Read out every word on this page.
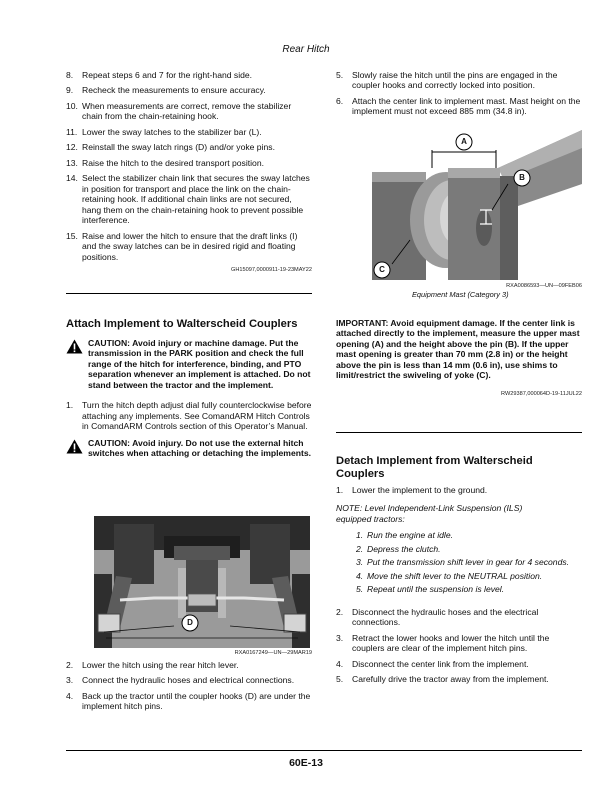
Rear Hitch
8. Repeat steps 6 and 7 for the right-hand side.
9. Recheck the measurements to ensure accuracy.
10. When measurements are correct, remove the stabilizer chain from the chain-retaining hook.
11. Lower the sway latches to the stabilizer bar (L).
12. Reinstall the sway latch rings (D) and/or yoke pins.
13. Raise the hitch to the desired transport position.
14. Select the stabilizer chain link that secures the sway latches in position for transport and place the link on the chain-retaining hook. If additional chain links are not secured, hang them on the chain-retaining hook to prevent possible interference.
15. Raise and lower the hitch to ensure that the draft links (I) and the sway latches can be in desired rigid and floating positions.
GH15097,0000911-19-23MAY22
Attach Implement to Walterscheid Couplers
CAUTION: Avoid injury or machine damage. Put the transmission in the PARK position and check the full range of the hitch for interference, binding, and PTO separation whenever an implement is attached. Do not stand between the tractor and the implement.
1. Turn the hitch depth adjust dial fully counterclockwise before attaching any implements. See ComandARM Hitch Controls in ComandARM Controls section of this Operator’s Manual.
CAUTION: Avoid injury. Do not use the external hitch switches when attaching or detaching the implements.
D
RXA0167249—UN—29MAR19
2. Lower the hitch using the rear hitch lever.
3. Connect the hydraulic hoses and electrical connections.
4. Back up the tractor until the coupler hooks (D) are under the implement hitch pins.
5. Slowly raise the hitch until the pins are engaged in the coupler hooks and correctly locked into position.
6. Attach the center link to implement mast. Mast height on the implement must not exceed 885 mm (34.8 in).
A
B
C
RXA0086593—UN—09FEB06
Equipment Mast (Category 3)
IMPORTANT: Avoid equipment damage. If the center link is attached directly to the implement, measure the upper mast opening (A) and the height above the pin (B). If the upper mast opening is greater than 70 mm (2.8 in) or the height above the pin is less than 14 mm (0.6 in), use shims to limit/restrict the swiveling of yoke (C).
RW29387,000064D-19-11JUL22
Detach Implement from Walterscheid Couplers
1. Lower the implement to the ground.
NOTE: Level Independent-Link Suspension (ILS) equipped tractors:
1. Run the engine at idle.
2. Depress the clutch.
3. Put the transmission shift lever in gear for 4 seconds.
4. Move the shift lever to the NEUTRAL position.
5. Repeat until the suspension is level.
2. Disconnect the hydraulic hoses and the electrical connections.
3. Retract the lower hooks and lower the hitch until the couplers are clear of the implement hitch pins.
4. Disconnect the center link from the implement.
5. Carefully drive the tractor away from the implement.
60E-13
